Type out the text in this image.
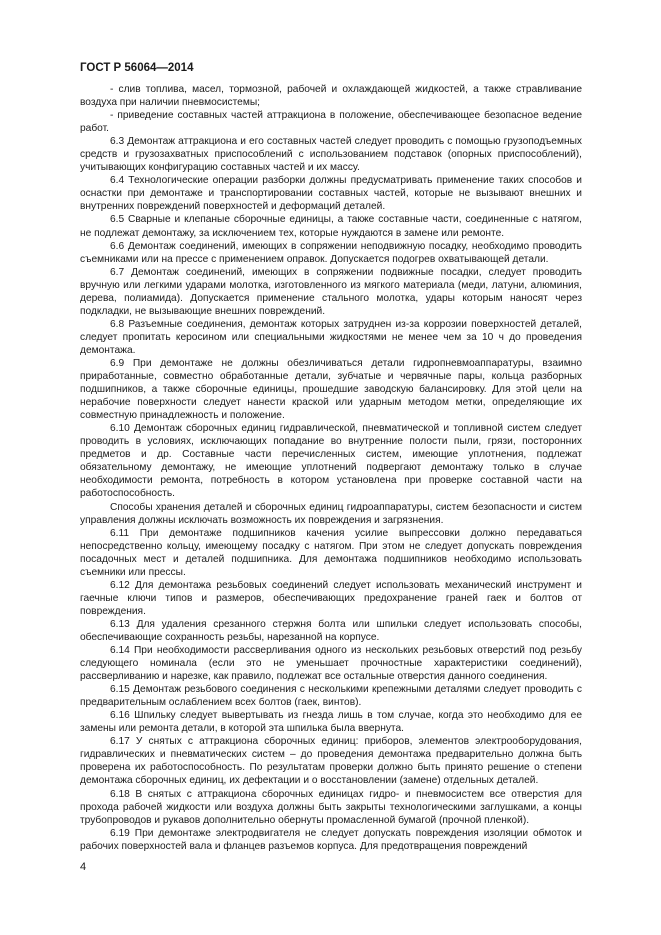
ГОСТ Р 56064—2014

- слив топлива, масел, тормозной, рабочей и охлаждающей жидкостей, а также стравливание воздуха при наличии пневмосистемы;

- приведение составных частей аттракциона в положение, обеспечивающее безопасное ведение работ.

6.3 Демонтаж аттракциона и его составных частей следует проводить с помощью грузоподъемных средств и грузозахватных приспособлений с использованием подставок (опорных приспособлений), учитывающих конфигурацию составных частей и их массу.

6.4 Технологические операции разборки должны предусматривать применение таких способов и оснастки при демонтаже и транспортировании составных частей, которые не вызывают внешних и внутренних повреждений поверхностей и деформаций деталей.

6.5 Сварные и клепаные сборочные единицы, а также составные части, соединенные с натягом, не подлежат демонтажу, за исключением тех, которые нуждаются в замене или ремонте.

6.6 Демонтаж соединений, имеющих в сопряжении неподвижную посадку, необходимо проводить съемниками или на прессе с применением оправок. Допускается подогрев охватывающей детали.

6.7 Демонтаж соединений, имеющих в сопряжении подвижные посадки, следует проводить вручную или легкими ударами молотка, изготовленного из мягкого материала (меди, латуни, алюминия, дерева, полиамида). Допускается применение стального молотка, удары которым наносят через подкладки, не вызывающие внешних повреждений.

6.8 Разъемные соединения, демонтаж которых затруднен из-за коррозии поверхностей деталей, следует пропитать керосином или специальными жидкостями не менее чем за 10 ч до проведения демонтажа.

6.9 При демонтаже не должны обезличиваться детали гидропневмоаппаратуры, взаимно приработанные, совместно обработанные детали, зубчатые и червячные пары, кольца разборных подшипников, а также сборочные единицы, прошедшие заводскую балансировку. Для этой цели на нерабочие поверхности следует нанести краской или ударным методом метки, определяющие их совместную принадлежность и положение.

6.10 Демонтаж сборочных единиц гидравлической, пневматической и топливной систем следует проводить в условиях, исключающих попадание во внутренние полости пыли, грязи, посторонних предметов и др. Составные части перечисленных систем, имеющие уплотнения, подлежат обязательному демонтажу, не имеющие уплотнений подвергают демонтажу только в случае необходимости ремонта, потребность в котором установлена при проверке составной части на работоспособность.

Способы хранения деталей и сборочных единиц гидроаппаратуры, систем безопасности и систем управления должны исключать возможность их повреждения и загрязнения.

6.11 При демонтаже подшипников качения усилие выпрессовки должно передаваться непосредственно кольцу, имеющему посадку с натягом. При этом не следует допускать повреждения посадочных мест и деталей подшипника. Для демонтажа подшипников необходимо использовать съемники или прессы.

6.12 Для демонтажа резьбовых соединений следует использовать механический инструмент и гаечные ключи типов и размеров, обеспечивающих предохранение граней гаек и болтов от повреждения.

6.13 Для удаления срезанного стержня болта или шпильки следует использовать способы, обеспечивающие сохранность резьбы, нарезанной на корпусе.

6.14 При необходимости рассверливания одного из нескольких резьбовых отверстий под резьбу следующего номинала (если это не уменьшает прочностные характеристики соединений), рассверливанию и нарезке, как правило, подлежат все остальные отверстия данного соединения.

6.15 Демонтаж резьбового соединения с несколькими крепежными деталями следует проводить с предварительным ослаблением всех болтов (гаек, винтов).

6.16 Шпильку следует вывертывать из гнезда лишь в том случае, когда это необходимо для ее замены или ремонта детали, в которой эта шпилька была ввернута.

6.17 У снятых с аттракциона сборочных единиц: приборов, элементов электрооборудования, гидравлических и пневматических систем – до проведения демонтажа предварительно должна быть проверена их работоспособность. По результатам проверки должно быть принято решение о степени демонтажа сборочных единиц, их дефектации и о восстановлении (замене) отдельных деталей.

6.18 В снятых с аттракциона сборочных единицах гидро- и пневмосистем все отверстия для прохода рабочей жидкости или воздуха должны быть закрыты технологическими заглушками, а концы трубопроводов и рукавов дополнительно обернуты промасленной бумагой (прочной пленкой).

6.19 При демонтаже электродвигателя не следует допускать повреждения изоляции обмоток и рабочих поверхностей вала и фланцев разъемов корпуса. Для предотвращения повреждений

4
